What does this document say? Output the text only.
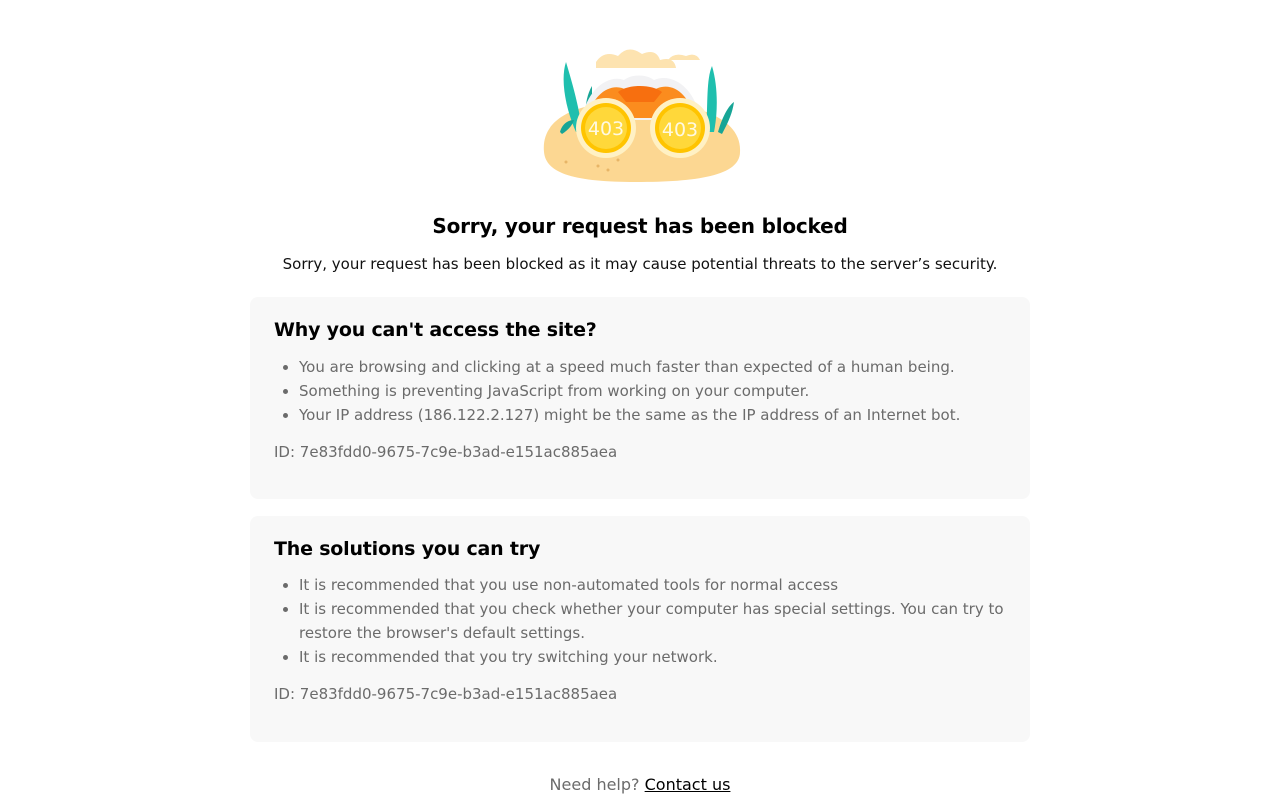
403 403
Sorry, your request has been blocked

Sorry, your request has been blocked as it may cause potential threats to the server’s security.

Why you can't access the site?
• You are browsing and clicking at a speed much faster than expected of a human being.
• Something is preventing JavaScript from working on your computer.
• Your IP address (186.122.2.127) might be the same as the IP address of an Internet bot.

ID: 7e83fdd0-9675-7c9e-b3ad-e151ac885aea

The solutions you can try
• It is recommended that you use non-automated tools for normal access
• It is recommended that you check whether your computer has special settings. You can try to restore the browser's default settings.
• It is recommended that you try switching your network.

ID: 7e83fdd0-9675-7c9e-b3ad-e151ac885aea

Need help? Contact us
